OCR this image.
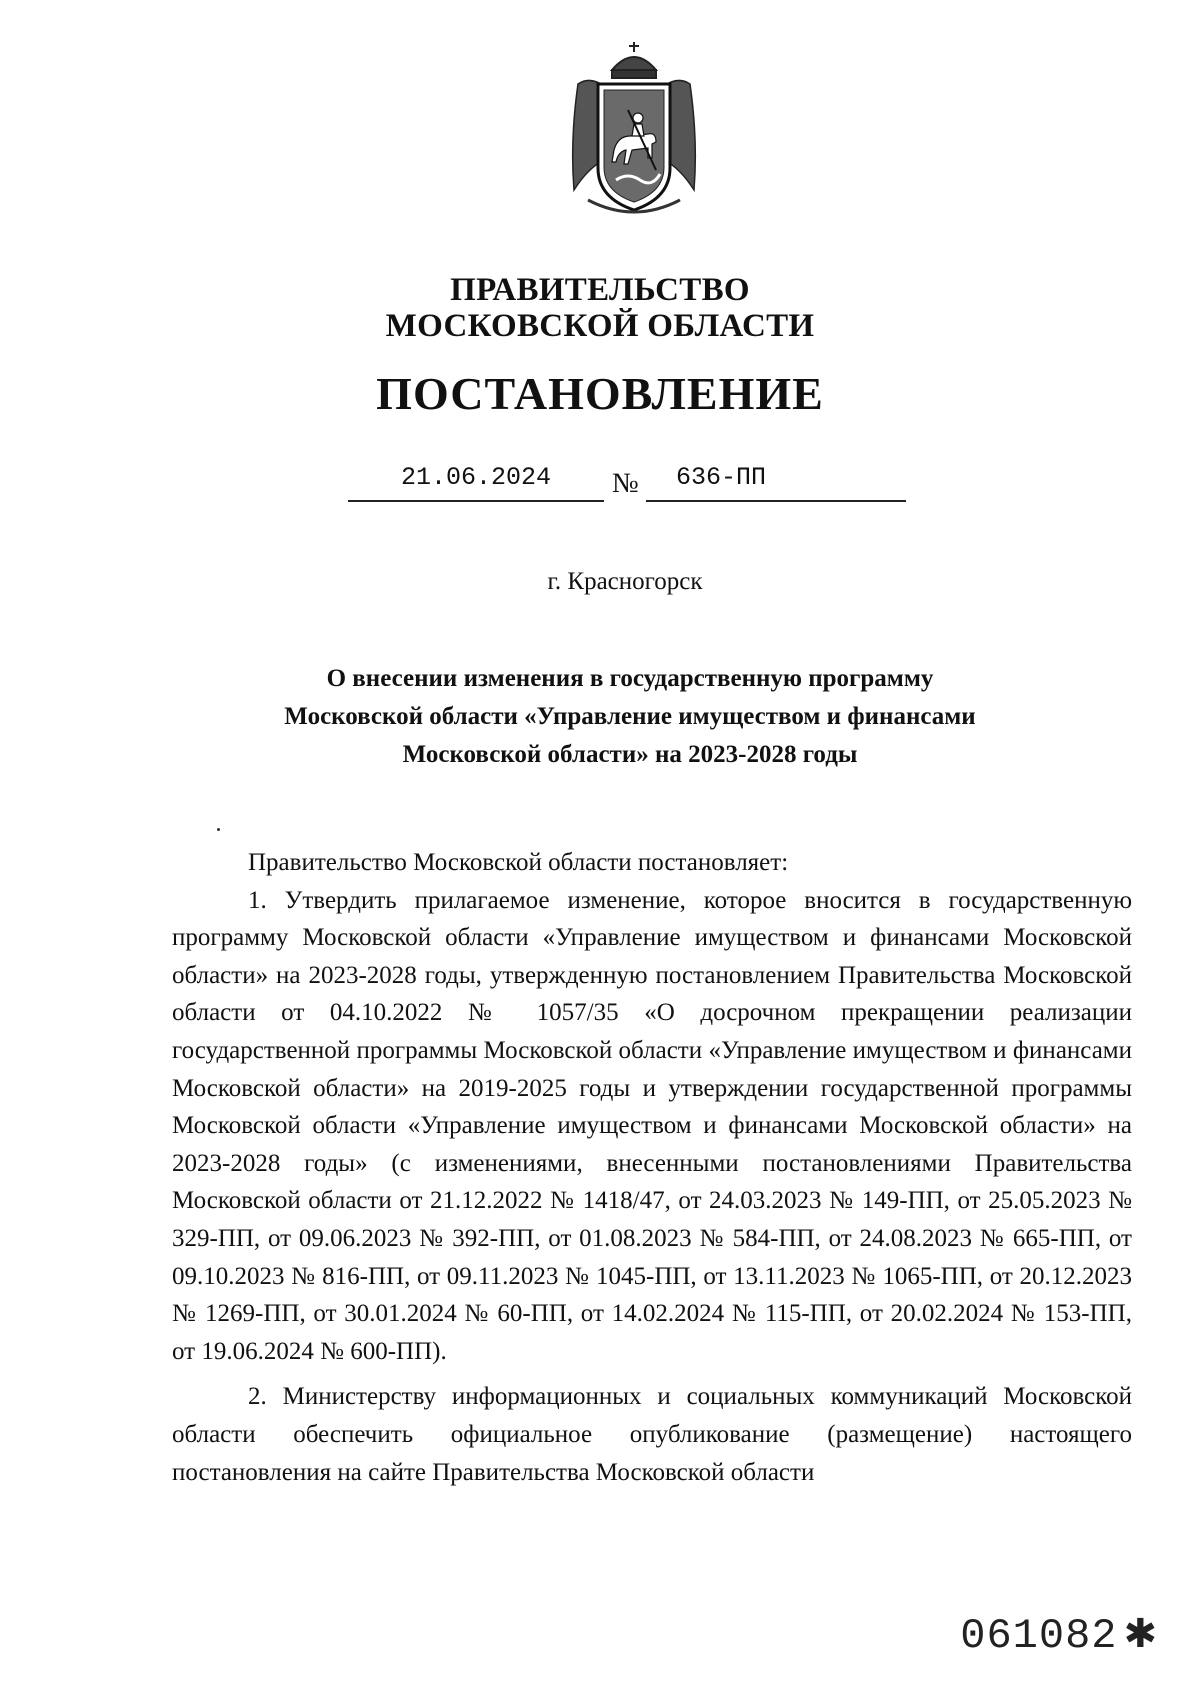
ПРАВИТЕЛЬСТВО
МОСКОВСКОЙ ОБЛАСТИ
ПОСТАНОВЛЕНИЕ
21.06.2024	№ 636-ПП
г. Красногорск
О внесении изменения в государственную программу
Московской области «Управление имуществом и финансами
Московской области» на 2023-2028 годы

Правительство Московской области постановляет:

1. Утвердить прилагаемое изменение, которое вносится в государственную программу Московской области «Управление имуществом и финансами Московской области» на 2023-2028 годы, утвержденную постановлением Правительства Московской области от 04.10.2022 № 1057/35 «О досрочном прекращении реализации государственной программы Московской области «Управление имуществом и финансами Московской области» на 2019-2025 годы и утверждении государственной программы Московской области «Управление имуществом и финансами Московской области» на 2023-2028 годы» (с изменениями, внесенными постановлениями Правительства Московской области от 21.12.2022 № 1418/47, от 24.03.2023 № 149-ПП, от 25.05.2023 № 329-ПП, от 09.06.2023 № 392-ПП, от 01.08.2023 № 584-ПП, от 24.08.2023 № 665-ПП, от 09.10.2023 № 816-ПП, от 09.11.2023 № 1045-ПП, от 13.11.2023 № 1065-ПП, от 20.12.2023 № 1269-ПП, от 30.01.2024 № 60-ПП, от 14.02.2024 № 115-ПП, от 20.02.2024 № 153-ПП, от 19.06.2024 № 600-ПП).

2. Министерству информационных и социальных коммуникаций Московской области обеспечить официальное опубликование (размещение) настоящего постановления на сайте Правительства Московской области

061082 ✱
